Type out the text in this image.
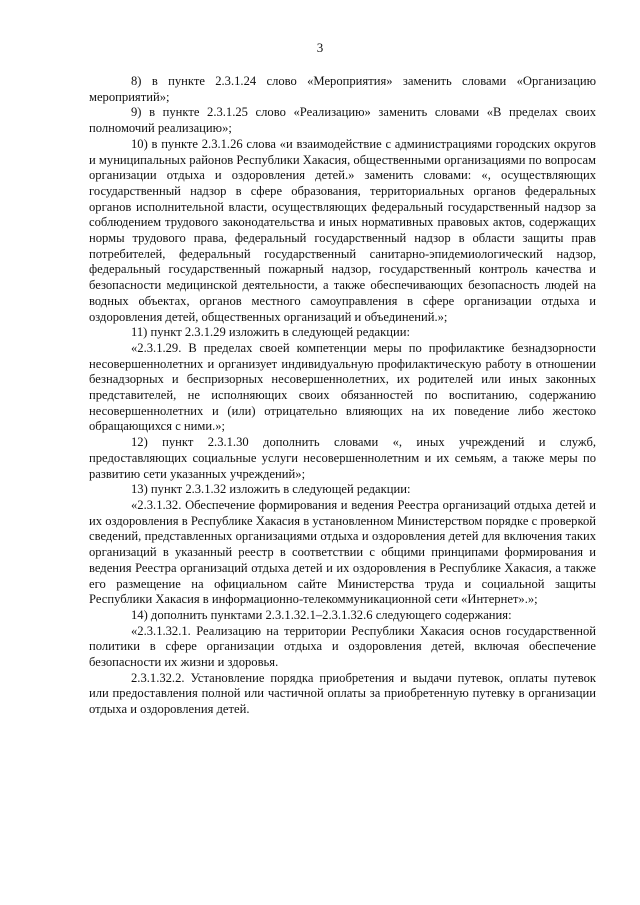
3

8) в пункте 2.3.1.24 слово «Мероприятия» заменить словами «Организацию мероприятий»;

9) в пункте 2.3.1.25 слово «Реализацию» заменить словами «В пределах своих полномочий реализацию»;

10) в пункте 2.3.1.26 слова «и взаимодействие с администрациями городских округов и муниципальных районов Республики Хакасия, общественными организациями по вопросам организации отдыха и оздоровления детей.» заменить словами: «, осуществляющих государственный надзор в сфере образования, территориальных органов федеральных органов исполнительной власти, осуществляющих федеральный государственный надзор за соблюдением трудового законодательства и иных нормативных правовых актов, содержащих нормы трудового права, федеральный государственный надзор в области защиты прав потребителей, федеральный государственный санитарно-эпидемиологический надзор, федеральный государственный пожарный надзор, государственный контроль качества и безопасности медицинской деятельности, а также обеспечивающих безопасность людей на водных объектах, органов местного самоуправления в сфере организации отдыха и оздоровления детей, общественных организаций и объединений.»;

11) пункт 2.3.1.29 изложить в следующей редакции:

«2.3.1.29. В пределах своей компетенции меры по профилактике безнадзорности несовершеннолетних и организует индивидуальную профилактическую работу в отношении безнадзорных и беспризорных несовершеннолетних, их родителей или иных законных представителей, не исполняющих своих обязанностей по воспитанию, содержанию несовершеннолетних и (или) отрицательно влияющих на их поведение либо жестоко обращающихся с ними.»;

12) пункт 2.3.1.30 дополнить словами «, иных учреждений и служб, предоставляющих социальные услуги несовершеннолетним и их семьям, а также меры по развитию сети указанных учреждений»;

13) пункт 2.3.1.32 изложить в следующей редакции:

«2.3.1.32. Обеспечение формирования и ведения Реестра организаций отдыха детей и их оздоровления в Республике Хакасия в установленном Министерством порядке с проверкой сведений, представленных организациями отдыха и оздоровления детей для включения таких организаций в указанный реестр в соответствии с общими принципами формирования и ведения Реестра организаций отдыха детей и их оздоровления в Республике Хакасия, а также его размещение на официальном сайте Министерства труда и социальной защиты Республики Хакасия в информационно-телекоммуникационной сети «Интернет».»;

14) дополнить пунктами 2.3.1.32.1–2.3.1.32.6 следующего содержания:

«2.3.1.32.1. Реализацию на территории Республики Хакасия основ государственной политики в сфере организации отдыха и оздоровления детей, включая обеспечение безопасности их жизни и здоровья.

2.3.1.32.2. Установление порядка приобретения и выдачи путевок, оплаты путевок или предоставления полной или частичной оплаты за приобретенную путевку в организации отдыха и оздоровления детей.
